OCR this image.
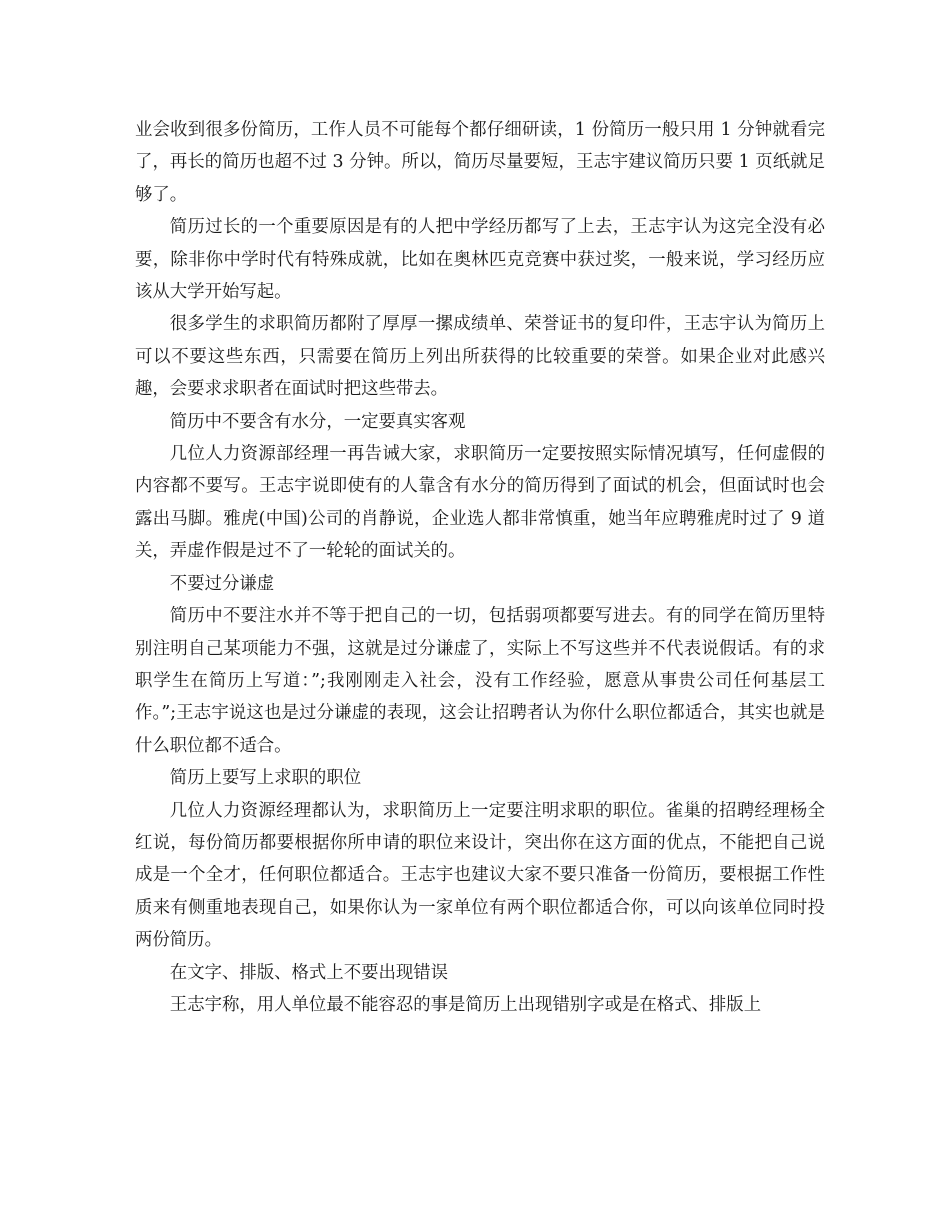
业会收到很多份简历，工作人员不可能每个都仔细研读，1 份简历一般只用 1 分钟就看完了，再长的简历也超不过 3 分钟。所以，简历尽量要短，王志宇建议简历只要 1 页纸就足够了。

简历过长的一个重要原因是有的人把中学经历都写了上去，王志宇认为这完全没有必要，除非你中学时代有特殊成就，比如在奥林匹克竞赛中获过奖，一般来说，学习经历应该从大学开始写起。

很多学生的求职简历都附了厚厚一摞成绩单、荣誉证书的复印件，王志宇认为简历上可以不要这些东西，只需要在简历上列出所获得的比较重要的荣誉。如果企业对此感兴趣，会要求求职者在面试时把这些带去。

简历中不要含有水分，一定要真实客观

几位人力资源部经理一再告诫大家，求职简历一定要按照实际情况填写，任何虚假的内容都不要写。王志宇说即使有的人靠含有水分的简历得到了面试的机会，但面试时也会露出马脚。雅虎(中国)公司的肖静说，企业选人都非常慎重，她当年应聘雅虎时过了 9 道关，弄虚作假是过不了一轮轮的面试关的。

不要过分谦虚

简历中不要注水并不等于把自己的一切，包括弱项都要写进去。有的同学在简历里特别注明自己某项能力不强，这就是过分谦虚了，实际上不写这些并不代表说假话。有的求职学生在简历上写道：”;我刚刚走入社会，没有工作经验，愿意从事贵公司任何基层工作。”;王志宇说这也是过分谦虚的表现，这会让招聘者认为你什么职位都适合，其实也就是什么职位都不适合。

简历上要写上求职的职位

几位人力资源经理都认为，求职简历上一定要注明求职的职位。雀巢的招聘经理杨全红说，每份简历都要根据你所申请的职位来设计，突出你在这方面的优点，不能把自己说成是一个全才，任何职位都适合。王志宇也建议大家不要只准备一份简历，要根据工作性质来有侧重地表现自己，如果你认为一家单位有两个职位都适合你，可以向该单位同时投两份简历。

在文字、排版、格式上不要出现错误

王志宇称，用人单位最不能容忍的事是简历上出现错别字或是在格式、排版上
